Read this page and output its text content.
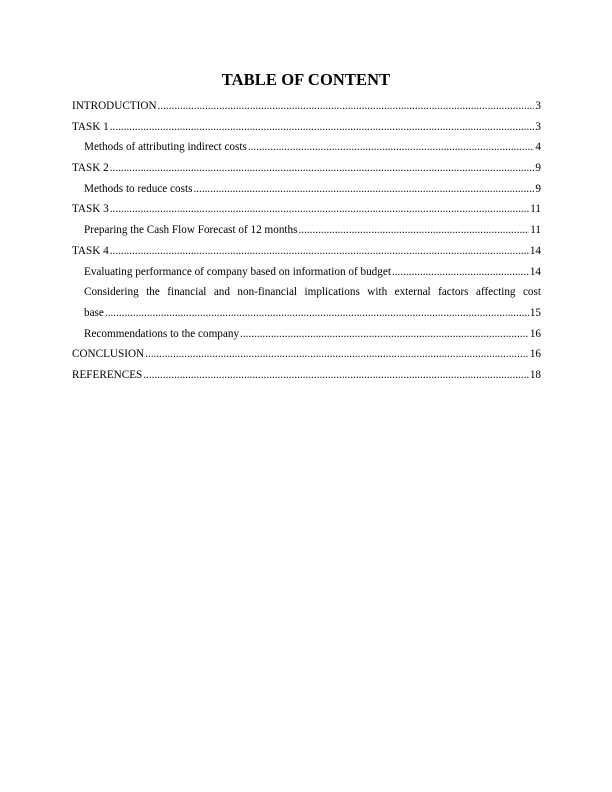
TABLE OF CONTENT
INTRODUCTION .....	3
TASK 1 .....	3
Methods of attributing indirect costs .....	4
TASK 2 .....	9
Methods to reduce costs .....	9
TASK 3 .....	11
Preparing the Cash Flow Forecast of 12 months .....	11
TASK 4 .....	14
Evaluating performance of company based on information of budget .....	14
Considering the financial and non-financial implications with external factors affecting cost
base .....	15
Recommendations to the company .....	16
CONCLUSION .....	16
REFERENCES .....	18
